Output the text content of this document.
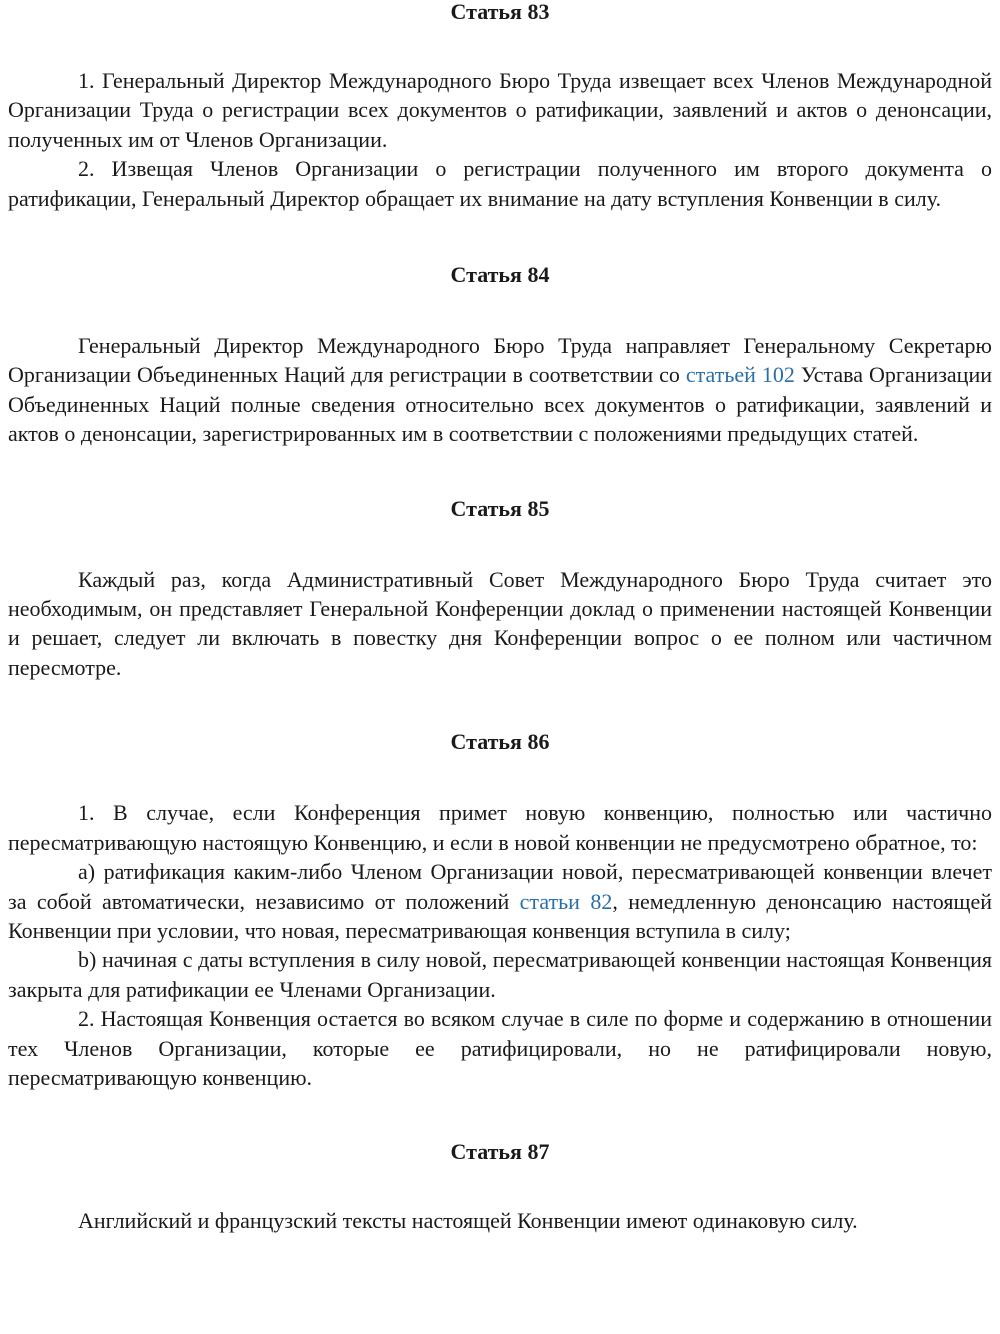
Статья 83

1. Генеральный Директор Международного Бюро Труда извещает всех Членов Международной Организации Труда о регистрации всех документов о ратификации, заявлений и актов о денонсации, полученных им от Членов Организации.

2. Извещая Членов Организации о регистрации полученного им второго документа о ратификации, Генеральный Директор обращает их внимание на дату вступления Конвенции в силу.

Статья 84

Генеральный Директор Международного Бюро Труда направляет Генеральному Секретарю Организации Объединенных Наций для регистрации в соответствии со статьей 102 Устава Организации Объединенных Наций полные сведения относительно всех документов о ратификации, заявлений и актов о денонсации, зарегистрированных им в соответствии с положениями предыдущих статей.

Статья 85

Каждый раз, когда Административный Совет Международного Бюро Труда считает это необходимым, он представляет Генеральной Конференции доклад о применении настоящей Конвенции и решает, следует ли включать в повестку дня Конференции вопрос о ее полном или частичном пересмотре.

Статья 86

1. В случае, если Конференция примет новую конвенцию, полностью или частично пересматривающую настоящую Конвенцию, и если в новой конвенции не предусмотрено обратное, то:

a) ратификация каким-либо Членом Организации новой, пересматривающей конвенции влечет за собой автоматически, независимо от положений статьи 82, немедленную денонсацию настоящей Конвенции при условии, что новая, пересматривающая конвенция вступила в силу;

b) начиная с даты вступления в силу новой, пересматривающей конвенции настоящая Конвенция закрыта для ратификации ее Членами Организации.

2. Настоящая Конвенция остается во всяком случае в силе по форме и содержанию в отношении тех Членов Организации, которые ее ратифицировали, но не ратифицировали новую, пересматривающую конвенцию.

Статья 87

Английский и французский тексты настоящей Конвенции имеют одинаковую силу.
